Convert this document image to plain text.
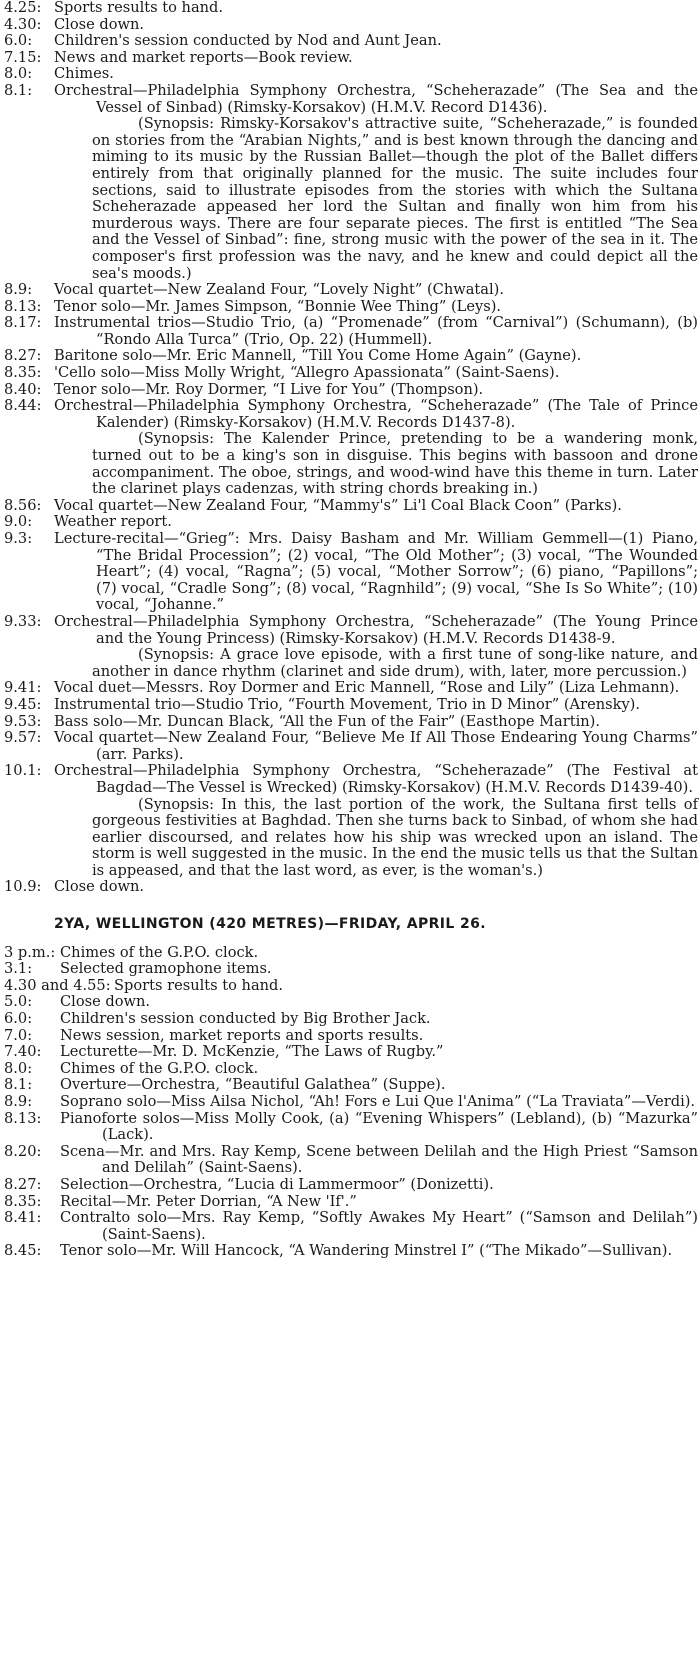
4.25: Sports results to hand.
4.30: Close down.
6.0:	Children's session conducted by Nod and Aunt Jean.
7.15: News and market reports—Book review.
8.0:	Chimes.
8.1:	Orchestral—Philadelphia Symphony Orchestra, “Scheherazade” (The Sea and the Vessel of Sinbad) (Rimsky-Korsakov) (H.M.V. Record D1436).
(Synopsis: Rimsky-Korsakov's attractive suite, “Scheherazade,” is founded on stories from the “Arabian Nights,” and is best known through the dancing and miming to its music by the Russian Ballet—though the plot of the Ballet differs entirely from that originally planned for the music. The suite includes four sections, said to illustrate episodes from the stories with which the Sultana Scheherazade appeased her lord the Sultan and finally won him from his murderous ways. There are four separate pieces. The first is entitled “The Sea and the Vessel of Sinbad”: fine, strong music with the power of the sea in it. The composer's first profession was the navy, and he knew and could depict all the sea's moods.)
8.9:	Vocal quartet—New Zealand Four, “Lovely Night” (Chwatal).
8.13: Tenor solo—Mr. James Simpson, “Bonnie Wee Thing” (Leys).
8.17: Instrumental trios—Studio Trio, (a) “Promenade” (from “Carnival”) (Schumann), (b) “Rondo Alla Turca” (Trio, Op. 22) (Hummell).
8.27: Baritone solo—Mr. Eric Mannell, “Till You Come Home Again” (Gayne).
8.35: 'Cello solo—Miss Molly Wright, “Allegro Apassionata” (Saint-Saens).
8.40: Tenor solo—Mr. Roy Dormer, “I Live for You” (Thompson).
8.44: Orchestral—Philadelphia Symphony Orchestra, “Scheherazade” (The Tale of Prince Kalender) (Rimsky-Korsakov) (H.M.V. Records D1437-8).
(Synopsis: The Kalender Prince, pretending to be a wandering monk, turned out to be a king's son in disguise. This begins with bassoon and drone accompaniment. The oboe, strings, and wood-wind have this theme in turn. Later the clarinet plays cadenzas, with string chords breaking in.)
8.56: Vocal quartet—New Zealand Four, “Mammy's” Li'l Coal Black Coon” (Parks).
9.0:	Weather report.
9.3:	Lecture-recital—“Grieg”: Mrs. Daisy Basham and Mr. William Gemmell—(1) Piano, “The Bridal Procession”; (2) vocal, “The Old Mother”; (3) vocal, “The Wounded Heart”; (4) vocal, “Ragna”; (5) vocal, “Mother Sorrow”; (6) piano, “Papillons”; (7) vocal, “Cradle Song”; (8) vocal, “Ragnhild”; (9) vocal, “She Is So White”; (10) vocal, “Johanne.”
9.33: Orchestral—Philadelphia Symphony Orchestra, “Scheherazade” (The Young Prince and the Young Princess) (Rimsky-Korsakov) (H.M.V. Records D1438-9.
(Synopsis: A grace love episode, with a first tune of song-like nature, and another in dance rhythm (clarinet and side drum), with, later, more percussion.)
9.41: Vocal duet—Messrs. Roy Dormer and Eric Mannell, “Rose and Lily” (Liza Lehmann).
9.45: Instrumental trio—Studio Trio, “Fourth Movement, Trio in D Minor” (Arensky).
9.53: Bass solo—Mr. Duncan Black, “All the Fun of the Fair” (Easthope Martin).
9.57: Vocal quartet—New Zealand Four, “Believe Me If All Those Endearing Young Charms” (arr. Parks).
10.1: Orchestral—Philadelphia Symphony Orchestra, “Scheherazade” (The Festival at Bagdad—The Vessel is Wrecked) (Rimsky-Korsakov) (H.M.V. Records D1439-40).
(Synopsis: In this, the last portion of the work, the Sultana first tells of gorgeous festivities at Baghdad. Then she turns back to Sinbad, of whom she had earlier discoursed, and relates how his ship was wrecked upon an island. The storm is well suggested in the music. In the end the music tells us that the Sultan is appeased, and that the last word, as ever, is the woman's.)
10.9: Close down.
2YA, WELLINGTON (420 METRES)—FRIDAY, APRIL 26.
3 p.m.: Chimes of the G.P.O. clock.
3.1:	Selected gramophone items.
4.30 and 4.55: Sports results to hand.
5.0:	Close down.
6.0:	Children's session conducted by Big Brother Jack.
7.0:	News session, market reports and sports results.
7.40:	Lecturette—Mr. D. McKenzie, “The Laws of Rugby.”
8.0:	Chimes of the G.P.O. clock.
8.1:	Overture—Orchestra, “Beautiful Galathea” (Suppe).
8.9:	Soprano solo—Miss Ailsa Nichol, “Ah! Fors e Lui Que l'Anima” (“La Traviata”—Verdi).
8.13:	Pianoforte solos—Miss Molly Cook, (a) “Evening Whispers” (Lebland), (b) “Mazurka” (Lack).
8.20:	Scena—Mr. and Mrs. Ray Kemp, Scene between Delilah and the High Priest “Samson and Delilah” (Saint-Saens).
8.27:	Selection—Orchestra, “Lucia di Lammermoor” (Donizetti).
8.35:	Recital—Mr. Peter Dorrian, “A New 'If'.”
8.41:	Contralto solo—Mrs. Ray Kemp, “Softly Awakes My Heart” (“Samson and Delilah”) (Saint-Saens).
8.45:	Tenor solo—Mr. Will Hancock, “A Wandering Minstrel I” (“The Mikado”—Sullivan).
